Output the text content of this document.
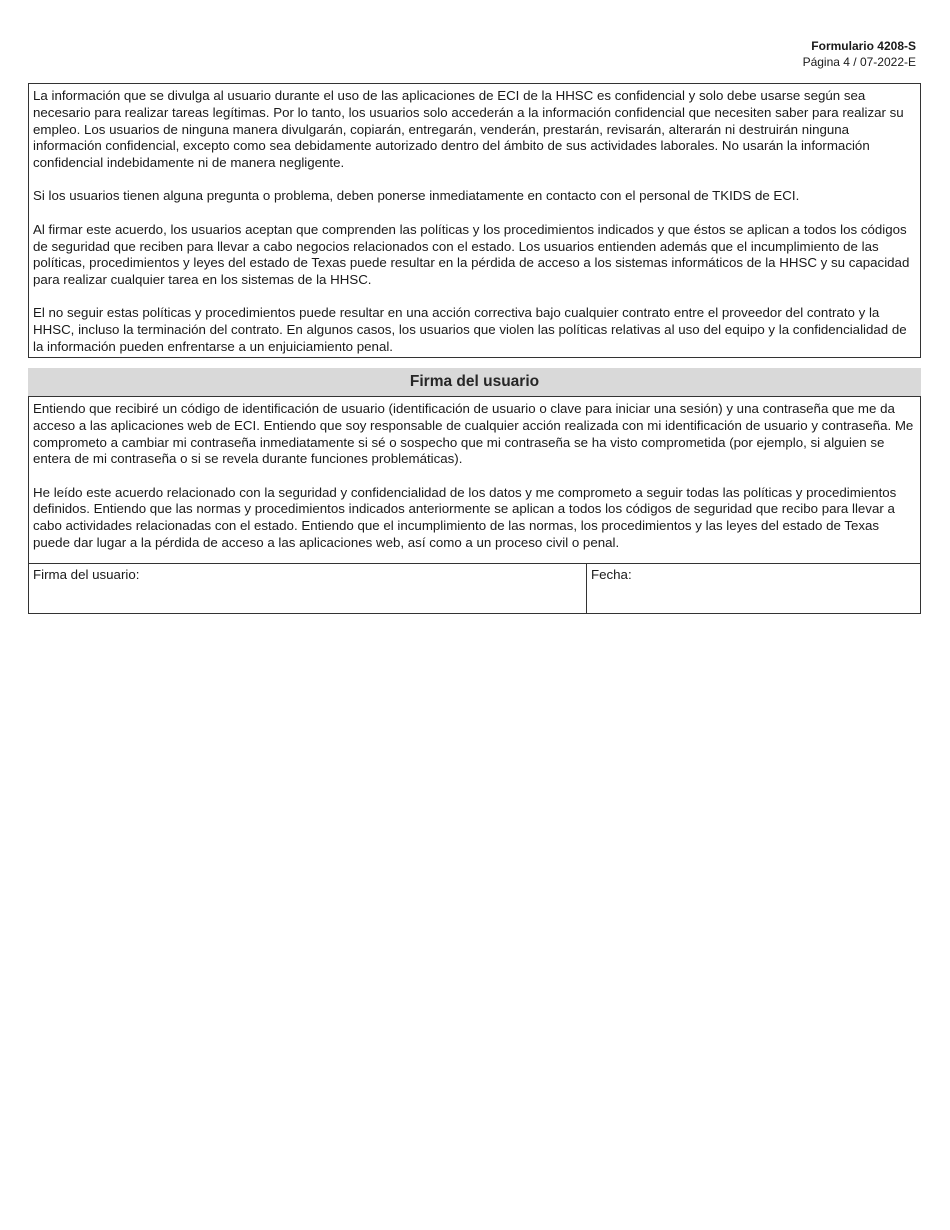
Formulario 4208-S
Página 4 / 07-2022-E

La información que se divulga al usuario durante el uso de las aplicaciones de ECI de la HHSC es confidencial y solo debe usarse según sea necesario para realizar tareas legítimas. Por lo tanto, los usuarios solo accederán a la información confidencial que necesiten saber para realizar su empleo. Los usuarios de ninguna manera divulgarán, copiarán, entregarán, venderán, prestarán, revisarán, alterarán ni destruirán ninguna información confidencial, excepto como sea debidamente autorizado dentro del ámbito de sus actividades laborales. No usarán la información confidencial indebidamente ni de manera negligente.

Si los usuarios tienen alguna pregunta o problema, deben ponerse inmediatamente en contacto con el personal de TKIDS de ECI.

Al firmar este acuerdo, los usuarios aceptan que comprenden las políticas y los procedimientos indicados y que éstos se aplican a todos los códigos de seguridad que reciben para llevar a cabo negocios relacionados con el estado. Los usuarios entienden además que el incumplimiento de las políticas, procedimientos y leyes del estado de Texas puede resultar en la pérdida de acceso a los sistemas informáticos de la HHSC y su capacidad para realizar cualquier tarea en los sistemas de la HHSC.

El no seguir estas políticas y procedimientos puede resultar en una acción correctiva bajo cualquier contrato entre el proveedor del contrato y la HHSC, incluso la terminación del contrato. En algunos casos, los usuarios que violen las políticas relativas al uso del equipo y la confidencialidad de la información pueden enfrentarse a un enjuiciamiento penal.

Firma del usuario

Entiendo que recibiré un código de identificación de usuario (identificación de usuario o clave para iniciar una sesión) y una contraseña que me da acceso a las aplicaciones web de ECI. Entiendo que soy responsable de cualquier acción realizada con mi identificación de usuario y contraseña. Me comprometo a cambiar mi contraseña inmediatamente si sé o sospecho que mi contraseña se ha visto comprometida (por ejemplo, si alguien se entera de mi contraseña o si se revela durante funciones problemáticas).

He leído este acuerdo relacionado con la seguridad y confidencialidad de los datos y me comprometo a seguir todas las políticas y procedimientos definidos. Entiendo que las normas y procedimientos indicados anteriormente se aplican a todos los códigos de seguridad que recibo para llevar a cabo actividades relacionadas con el estado. Entiendo que el incumplimiento de las normas, los procedimientos y las leyes del estado de Texas puede dar lugar a la pérdida de acceso a las aplicaciones web, así como a un proceso civil o penal.

Firma del usuario:	Fecha:
